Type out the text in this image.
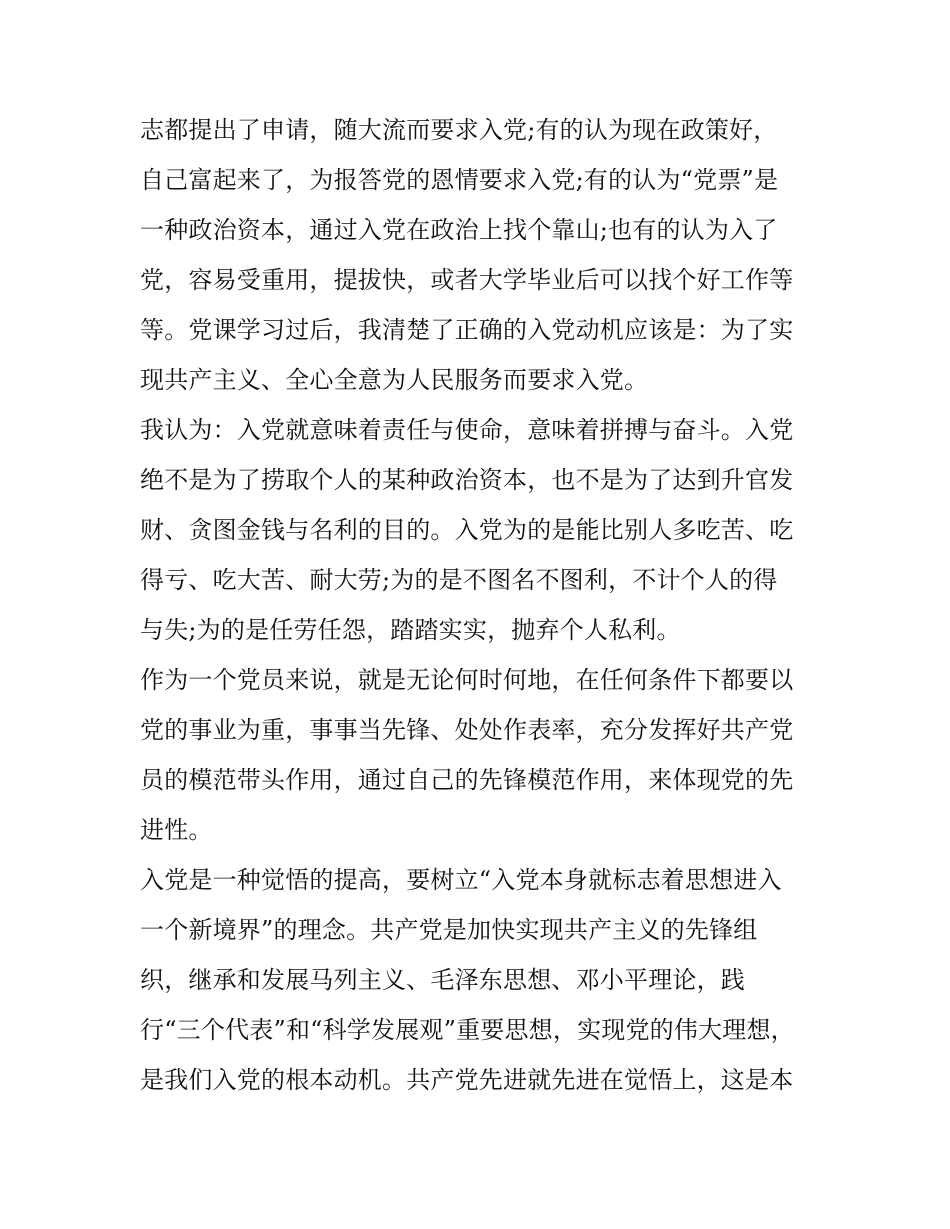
志都提出了申请，随大流而要求入党;有的认为现在政策好，
自己富起来了，为报答党的恩情要求入党;有的认为“党票”是
一种政治资本，通过入党在政治上找个靠山;也有的认为入了
党，容易受重用，提拔快，或者大学毕业后可以找个好工作等
等。党课学习过后，我清楚了正确的入党动机应该是：为了实
现共产主义、全心全意为人民服务而要求入党。
我认为：入党就意味着责任与使命，意味着拼搏与奋斗。入党
绝不是为了捞取个人的某种政治资本，也不是为了达到升官发
财、贪图金钱与名利的目的。入党为的是能比别人多吃苦、吃
得亏、吃大苦、耐大劳;为的是不图名不图利，不计个人的得
与失;为的是任劳任怨，踏踏实实，抛弃个人私利。
作为一个党员来说，就是无论何时何地，在任何条件下都要以
党的事业为重，事事当先锋、处处作表率，充分发挥好共产党
员的模范带头作用，通过自己的先锋模范作用，来体现党的先
进性。
入党是一种觉悟的提高，要树立“入党本身就标志着思想进入
一个新境界”的理念。共产党是加快实现共产主义的先锋组
织，继承和发展马列主义、毛泽东思想、邓小平理论，践
行“三个代表”和“科学发展观”重要思想，实现党的伟大理想，
是我们入党的根本动机。共产党先进就先进在觉悟上，这是本
